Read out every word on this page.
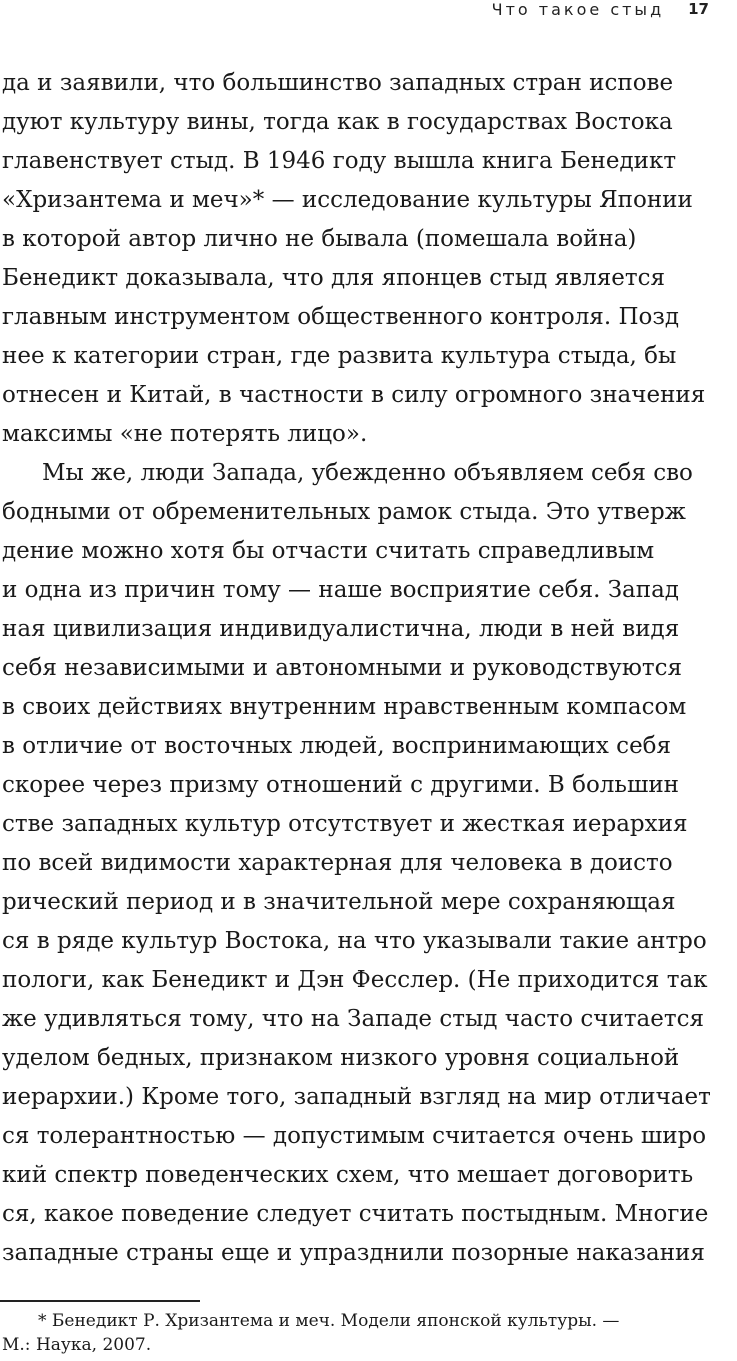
Что такое стыд 17
да и заявили, что большинство западных стран испове
дуют культуру вины, тогда как в государствах Востока
главенствует стыд. В 1946 году вышла книга Бенедикт
«Хризантема и меч»* — исследование культуры Японии
в которой автор лично не бывала (помешала война)
Бенедикт доказывала, что для японцев стыд является
главным инструментом общественного контроля. Позд
нее к категории стран, где развита культура стыда, бы
отнесен и Китай, в частности в силу огромного значения
максимы «не потерять лицо».
Мы же, люди Запада, убежденно объявляем себя сво
бодными от обременительных рамок стыда. Это утверж
дение можно хотя бы отчасти считать справедливым
и одна из причин тому — наше восприятие себя. Запад
ная цивилизация индивидуалистична, люди в ней видя
себя независимыми и автономными и руководствуются
в своих действиях внутренним нравственным компасом
в отличие от восточных людей, воспринимающих себя
скорее через призму отношений с другими. В большин
стве западных культур отсутствует и жесткая иерархия
по всей видимости характерная для человека в доисто
рический период и в значительной мере сохраняющая
ся в ряде культур Востока, на что указывали такие антро
пологи, как Бенедикт и Дэн Фесслер. (Не приходится так
же удивляться тому, что на Западе стыд часто считается
уделом бедных, признаком низкого уровня социальной
иерархии.) Кроме того, западный взгляд на мир отличает
ся толерантностью — допустимым считается очень широ
кий спектр поведенческих схем, что мешает договорить
ся, какое поведение следует считать постыдным. Многие
западные страны еще и упразднили позорные наказания
* Бенедикт Р. Хризантема и меч. Модели японской культуры. —
М.: Наука, 2007.
